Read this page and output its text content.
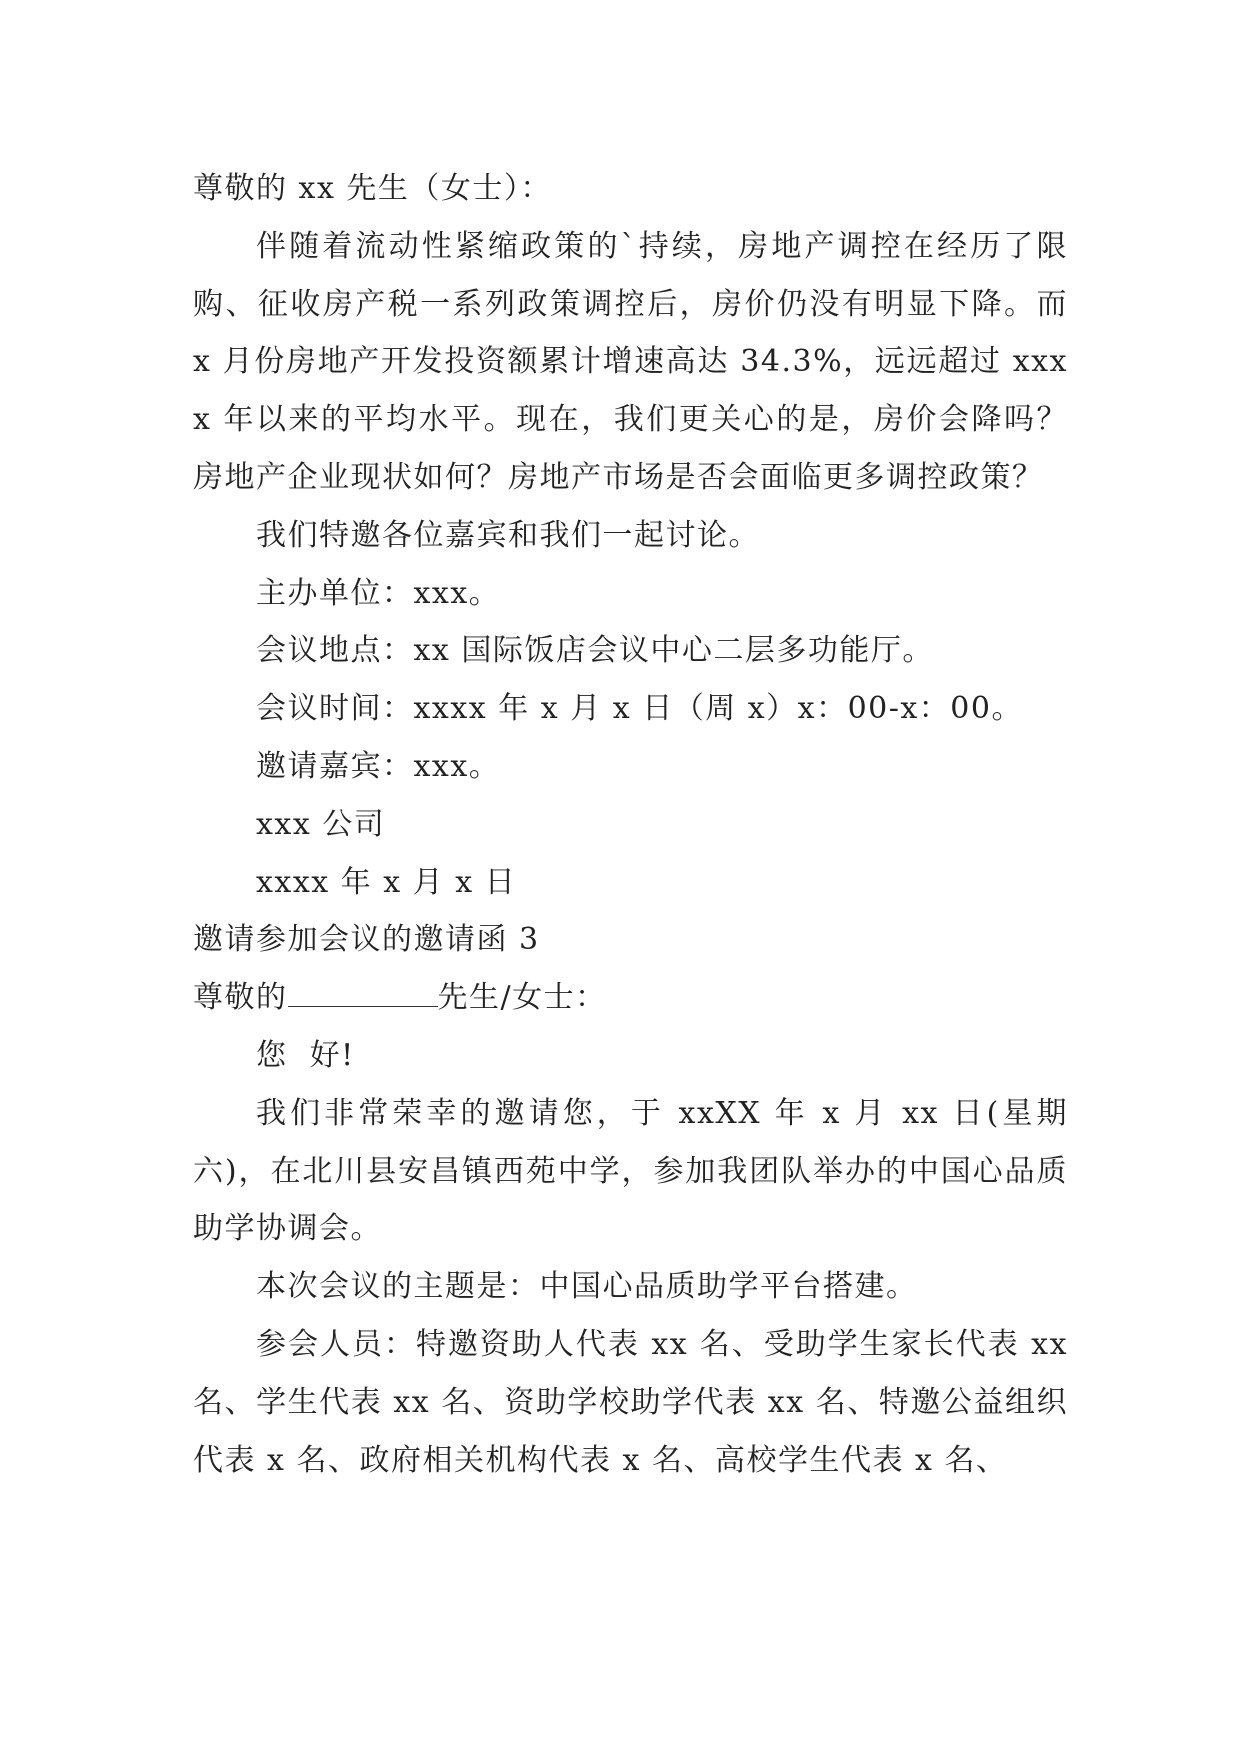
尊敬的 xx 先生（女士）：

伴随着流动性紧缩政策的`持续，房地产调控在经历了限购、征收房产税一系列政策调控后，房价仍没有明显下降。而 x 月份房地产开发投资额累计增速高达 34.3%，远远超过 xxxx 年以来的平均水平。现在，我们更关心的是，房价会降吗？房地产企业现状如何？房地产市场是否会面临更多调控政策？

我们特邀各位嘉宾和我们一起讨论。

主办单位：xxx。

会议地点：xx 国际饭店会议中心二层多功能厅。

会议时间：xxxx 年 x 月 x 日（周 x）x：00-x：00。

邀请嘉宾：xxx。

xxx 公司

xxxx 年 x 月 x 日

邀请参加会议的邀请函 3

尊敬的	先生/女士：

您  好!

我们非常荣幸的邀请您，于 xxXX 年 x 月 xx 日(星期六)，在北川县安昌镇西苑中学，参加我团队举办的中国心品质助学协调会。

本次会议的主题是：中国心品质助学平台搭建。

参会人员：特邀资助人代表 xx 名、受助学生家长代表 xx 名、学生代表 xx 名、资助学校助学代表 xx 名、特邀公益组织代表 x 名、政府相关机构代表 x 名、高校学生代表 x 名、
